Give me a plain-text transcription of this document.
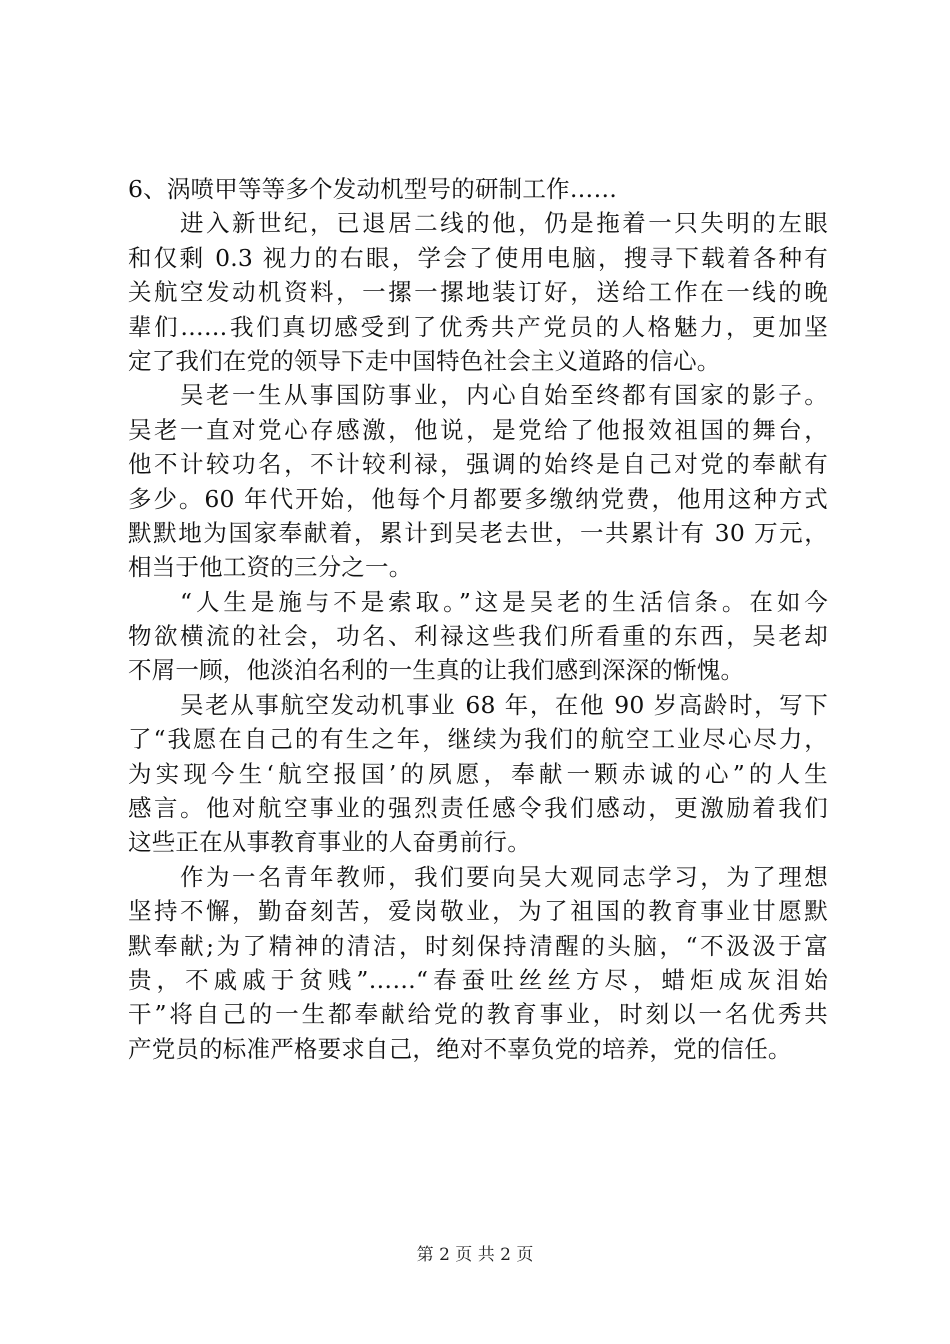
6、涡喷甲等等多个发动机型号的研制工作……
进入新世纪，已退居二线的他，仍是拖着一只失明的左眼
和仅剩 0.3 视力的右眼，学会了使用电脑，搜寻下载着各种有
关航空发动机资料，一摞一摞地装订好，送给工作在一线的晚
辈们……我们真切感受到了优秀共产党员的人格魅力，更加坚
定了我们在党的领导下走中国特色社会主义道路的信心。
吴老一生从事国防事业，内心自始至终都有国家的影子。
吴老一直对党心存感激，他说，是党给了他报效祖国的舞台，
他不计较功名，不计较利禄，强调的始终是自己对党的奉献有
多少。60 年代开始，他每个月都要多缴纳党费，他用这种方式
默默地为国家奉献着，累计到吴老去世，一共累计有 30 万元，
相当于他工资的三分之一。
“人生是施与不是索取。”这是吴老的生活信条。在如今
物欲横流的社会，功名、利禄这些我们所看重的东西，吴老却
不屑一顾，他淡泊名利的一生真的让我们感到深深的惭愧。
吴老从事航空发动机事业 68 年，在他 90 岁高龄时，写下
了“我愿在自己的有生之年，继续为我们的航空工业尽心尽力，
为实现今生‘航空报国’的夙愿，奉献一颗赤诚的心”的人生
感言。他对航空事业的强烈责任感令我们感动，更激励着我们
这些正在从事教育事业的人奋勇前行。
作为一名青年教师，我们要向吴大观同志学习，为了理想
坚持不懈，勤奋刻苦，爱岗敬业，为了祖国的教育事业甘愿默
默奉献;为了精神的清洁，时刻保持清醒的头脑，“不汲汲于富
贵，不戚戚于贫贱”……“春蚕吐丝丝方尽，蜡炬成灰泪始
干”将自己的一生都奉献给党的教育事业，时刻以一名优秀共
产党员的标准严格要求自己，绝对不辜负党的培养，党的信任。
第 2 页 共 2 页
